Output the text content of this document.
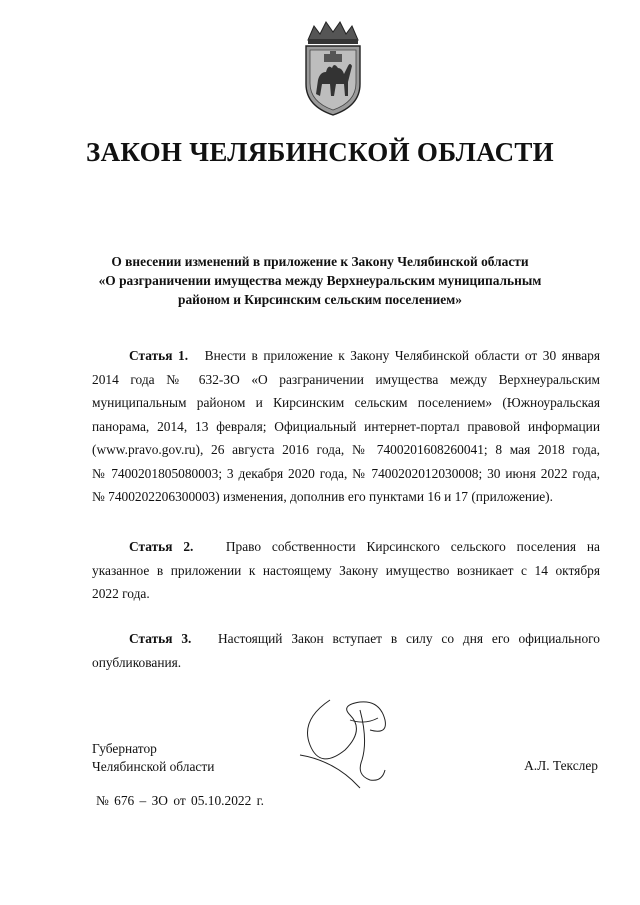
ЗАКОН ЧЕЛЯБИНСКОЙ ОБЛАСТИ
О внесении изменений в приложение к Закону Челябинской области
«О разграничении имущества между Верхнеуральским муниципальным
районом и Кирсинским сельским поселением»
Статья 1. Внести в приложение к Закону Челябинской области от 30 января
2014 года № 632-ЗО «О разграничении имущества между Верхнеуральским
муниципальным районом и Кирсинским сельским поселением» (Южноуральская
панорама, 2014, 13 февраля; Официальный интернет-портал правовой информации
(www.pravo.gov.ru), 26 августа 2016 года, № 7400201608260041; 8 мая 2018 года,
№ 7400201805080003; 3 декабря 2020 года, № 7400202012030008; 30 июня 2022 года,
№ 7400202206300003) изменения, дополнив его пунктами 16 и 17 (приложение).
Статья 2. Право собственности Кирсинского сельского поселения на
указанное в приложении к настоящему Закону имущество возникает с 14 октября
2022 года.
Статья 3. Настоящий Закон вступает в силу со дня его официального
опубликования.
Губернатор
Челябинской области	А.Л. Текслер
№ 676 – ЗО от 05.10.2022 г.
